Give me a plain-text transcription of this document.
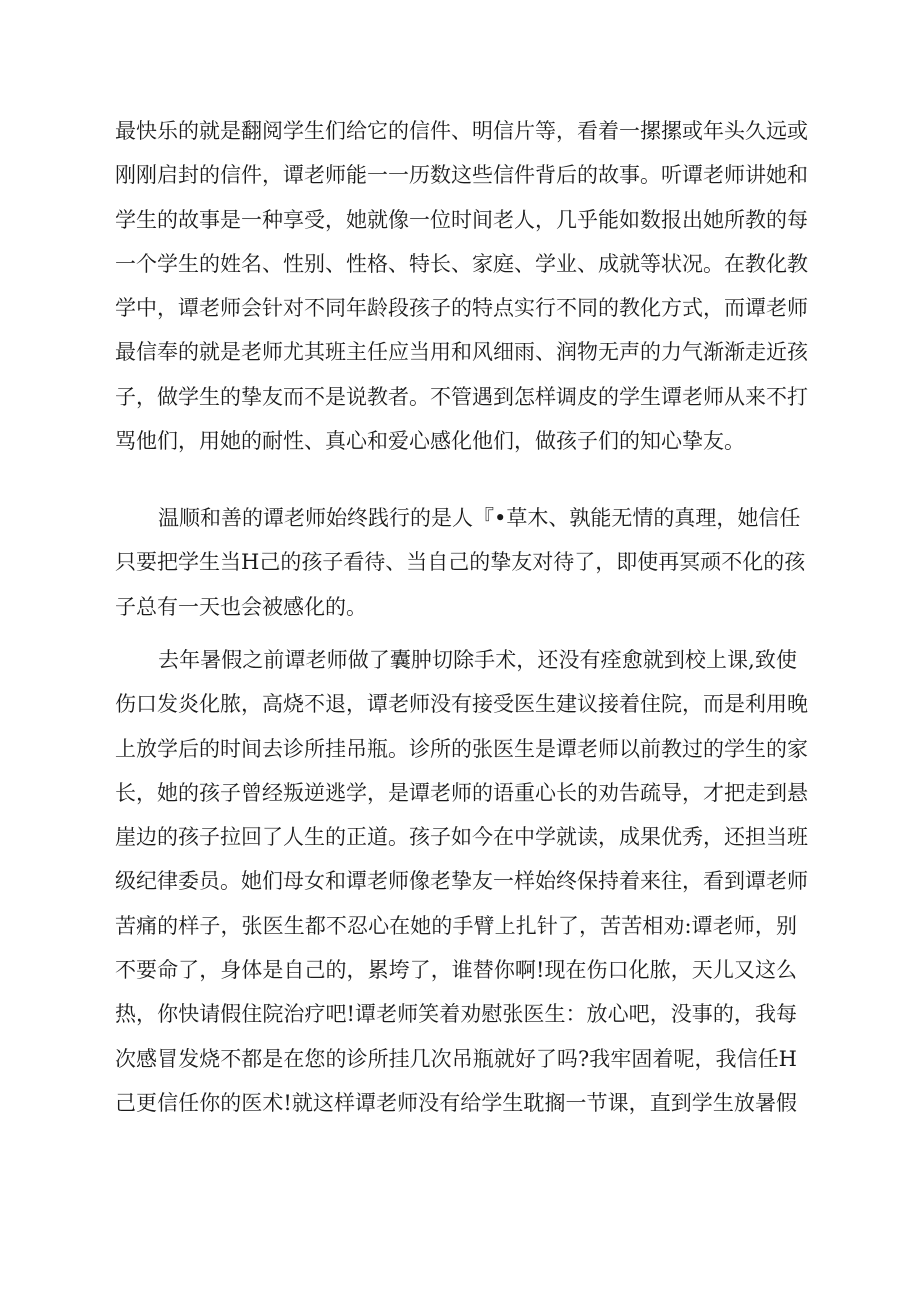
最快乐的就是翻阅学生们给它的信件、明信片等，看着一摞摞或年头久远或
刚刚启封的信件，谭老师能一一历数这些信件背后的故事。听谭老师讲她和
学生的故事是一种享受，她就像一位时间老人，几乎能如数报出她所教的每
一个学生的姓名、性别、性格、特长、家庭、学业、成就等状况。在教化教
学中，谭老师会针对不同年龄段孩子的特点实行不同的教化方式，而谭老师
最信奉的就是老师尤其班主任应当用和风细雨、润物无声的力气渐渐走近孩
子，做学生的挚友而不是说教者。不管遇到怎样调皮的学生谭老师从来不打
骂他们，用她的耐性、真心和爱心感化他们，做孩子们的知心挚友。
温顺和善的谭老师始终践行的是人『•草木、孰能无情的真理，她信任
只要把学生当H己的孩子看待、当自己的挚友对待了，即使再冥顽不化的孩
子总有一天也会被感化的。
去年暑假之前谭老师做了囊肿切除手术，还没有痊愈就到校上课,致使
伤口发炎化脓，高烧不退，谭老师没有接受医生建议接着住院，而是利用晚
上放学后的时间去诊所挂吊瓶。诊所的张医生是谭老师以前教过的学生的家
长，她的孩子曾经叛逆逃学，是谭老师的语重心长的劝告疏导，才把走到悬
崖边的孩子拉回了人生的正道。孩子如今在中学就读，成果优秀，还担当班
级纪律委员。她们母女和谭老师像老挚友一样始终保持着来往，看到谭老师
苦痛的样子，张医生都不忍心在她的手臂上扎针了，苦苦相劝:谭老师，别
不要命了，身体是自己的，累垮了，谁替你啊!现在伤口化脓，天儿又这么
热，你快请假住院治疗吧!谭老师笑着劝慰张医生：放心吧，没事的，我每
次感冒发烧不都是在您的诊所挂几次吊瓶就好了吗?我牢固着呢，我信任H
己更信任你的医术!就这样谭老师没有给学生耽搁一节课，直到学生放暑假
